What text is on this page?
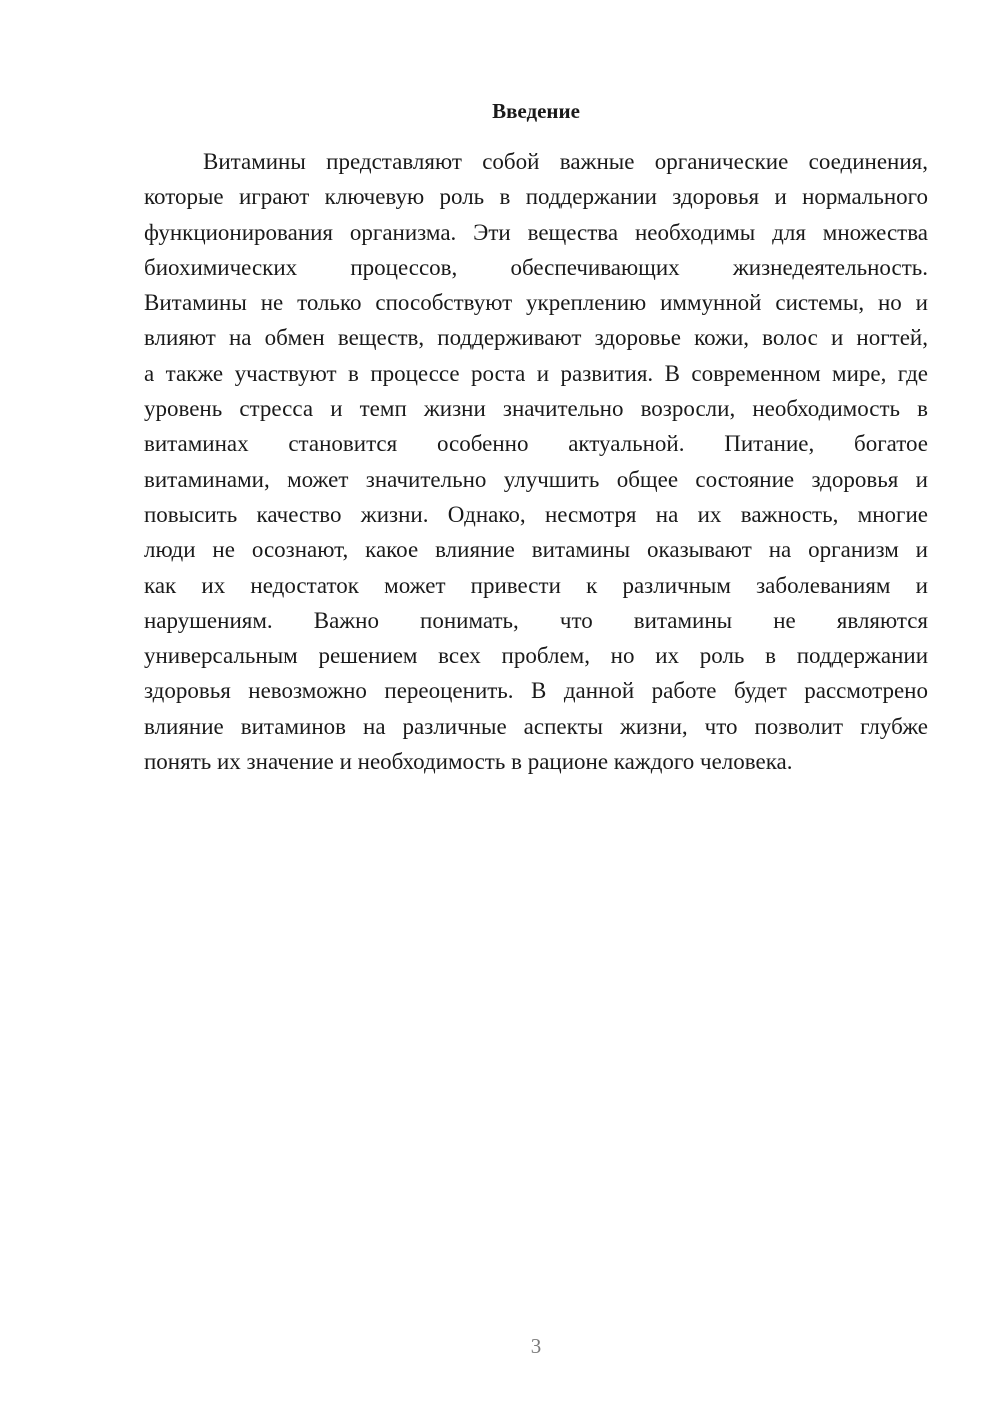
Введение
Витамины представляют собой важные органические соединения,
которые играют ключевую роль в поддержании здоровья и нормального
функционирования организма. Эти вещества необходимы для множества
биохимических процессов, обеспечивающих жизнедеятельность.
Витамины не только способствуют укреплению иммунной системы, но и
влияют на обмен веществ, поддерживают здоровье кожи, волос и ногтей,
а также участвуют в процессе роста и развития. В современном мире, где
уровень стресса и темп жизни значительно возросли, необходимость в
витаминах становится особенно актуальной. Питание, богатое
витаминами, может значительно улучшить общее состояние здоровья и
повысить качество жизни. Однако, несмотря на их важность, многие
люди не осознают, какое влияние витамины оказывают на организм и
как их недостаток может привести к различным заболеваниям и
нарушениям. Важно понимать, что витамины не являются
универсальным решением всех проблем, но их роль в поддержании
здоровья невозможно переоценить. В данной работе будет рассмотрено
влияние витаминов на различные аспекты жизни, что позволит глубже
понять их значение и необходимость в рационе каждого человека.
3
